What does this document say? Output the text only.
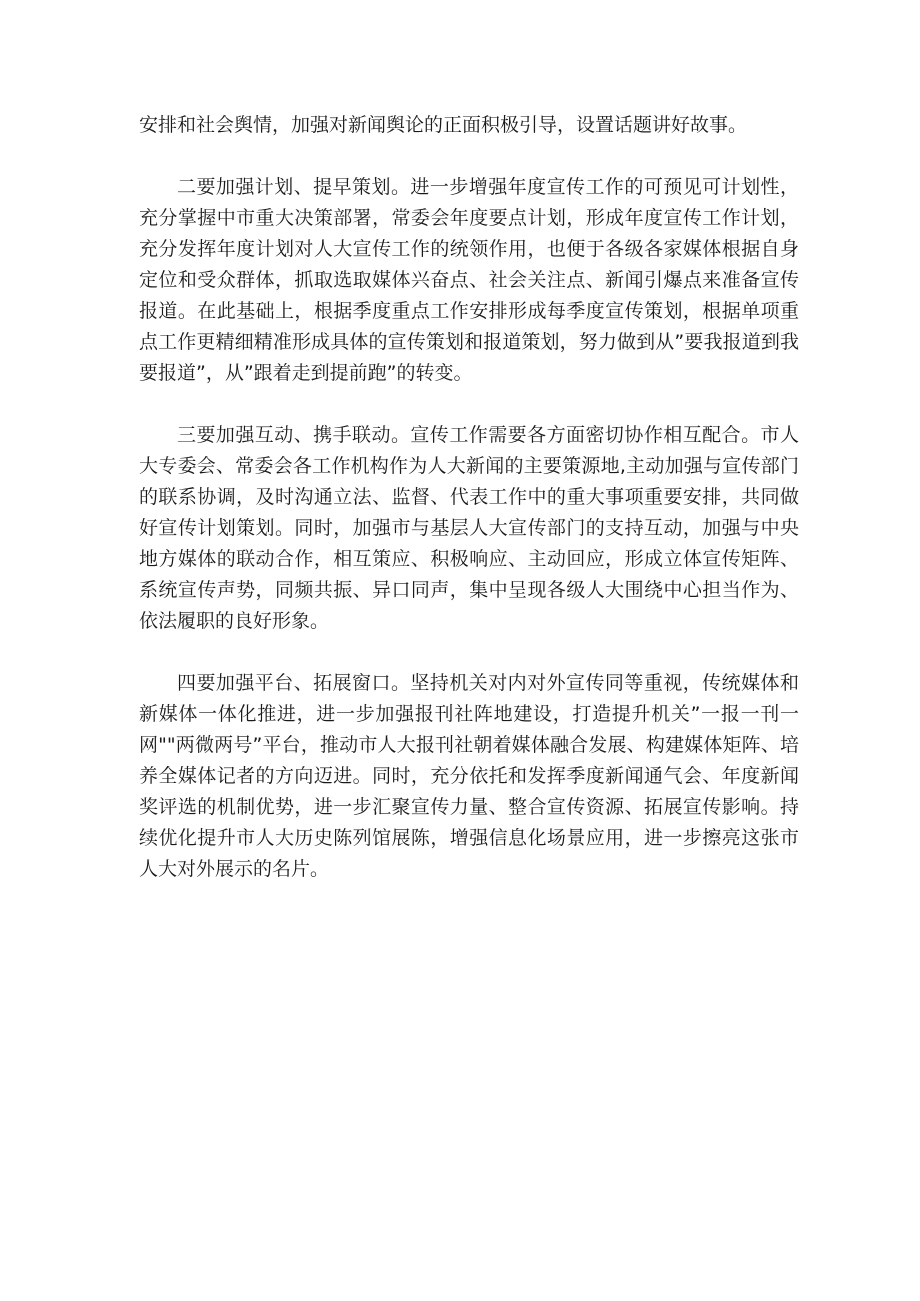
安排和社会舆情，加强对新闻舆论的正面积极引导，设置话题讲好故事。

二要加强计划、提早策划。进一步增强年度宣传工作的可预见可计划性，充分掌握中市重大决策部署，常委会年度要点计划，形成年度宣传工作计划，充分发挥年度计划对人大宣传工作的统领作用，也便于各级各家媒体根据自身定位和受众群体，抓取选取媒体兴奋点、社会关注点、新闻引爆点来准备宣传报道。在此基础上，根据季度重点工作安排形成每季度宣传策划，根据单项重点工作更精细精准形成具体的宣传策划和报道策划，努力做到从”要我报道到我要报道”，从”跟着走到提前跑”的转变。

三要加强互动、携手联动。宣传工作需要各方面密切协作相互配合。市人大专委会、常委会各工作机构作为人大新闻的主要策源地,主动加强与宣传部门的联系协调，及时沟通立法、监督、代表工作中的重大事项重要安排，共同做好宣传计划策划。同时，加强市与基层人大宣传部门的支持互动，加强与中央地方媒体的联动合作，相互策应、积极响应、主动回应，形成立体宣传矩阵、系统宣传声势，同频共振、异口同声，集中呈现各级人大围绕中心担当作为、依法履职的良好形象。

四要加强平台、拓展窗口。坚持机关对内对外宣传同等重视，传统媒体和新媒体一体化推进，进一步加强报刊社阵地建设，打造提升机关”一报一刊一网""两微两号”平台，推动市人大报刊社朝着媒体融合发展、构建媒体矩阵、培养全媒体记者的方向迈进。同时，充分依托和发挥季度新闻通气会、年度新闻奖评选的机制优势，进一步汇聚宣传力量、整合宣传资源、拓展宣传影响。持续优化提升市人大历史陈列馆展陈，增强信息化场景应用，进一步擦亮这张市人大对外展示的名片。
